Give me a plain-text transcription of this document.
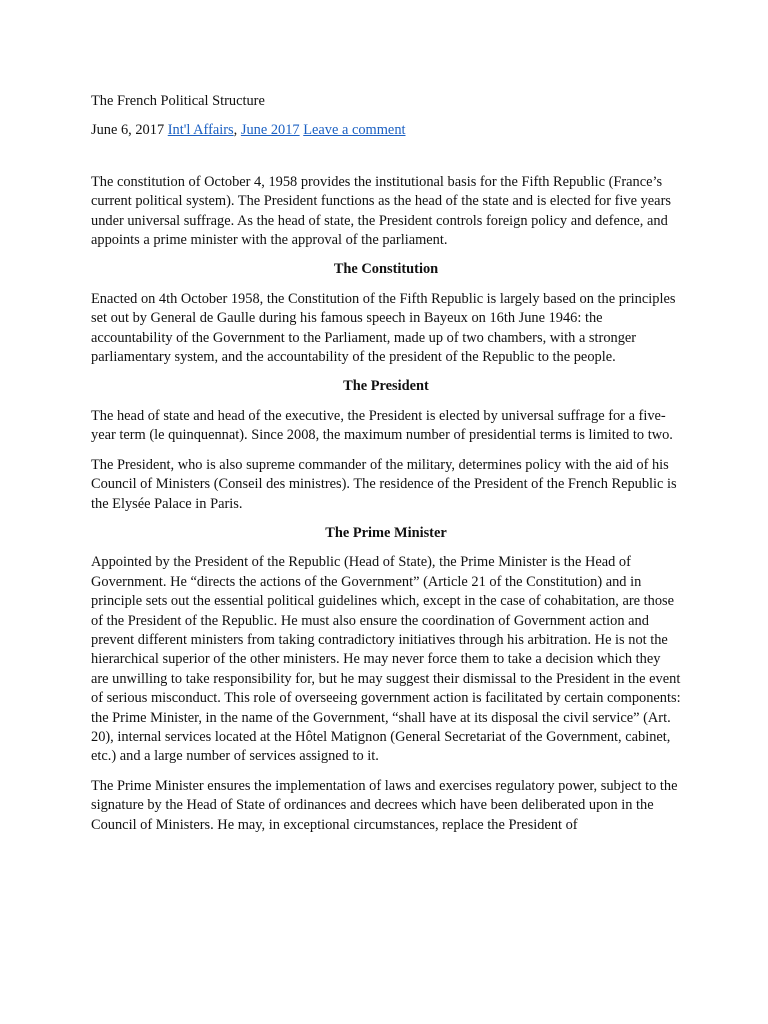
The French Political Structure
June 6, 2017 Int'l Affairs, June 2017 Leave a comment

The constitution of October 4, 1958 provides the institutional basis for the Fifth Republic (France’s current political system). The President functions as the head of the state and is elected for five years under universal suffrage. As the head of state, the President controls foreign policy and defence, and appoints a prime minister with the approval of the parliament.

The Constitution

Enacted on 4th October 1958, the Constitution of the Fifth Republic is largely based on the principles set out by General de Gaulle during his famous speech in Bayeux on 16th June 1946: the accountability of the Government to the Parliament, made up of two chambers, with a stronger parliamentary system, and the accountability of the president of the Republic to the people.

The President

The head of state and head of the executive, the President is elected by universal suffrage for a five-year term (le quinquennat). Since 2008, the maximum number of presidential terms is limited to two.

The President, who is also supreme commander of the military, determines policy with the aid of his Council of Ministers (Conseil des ministres). The residence of the President of the French Republic is the Elysée Palace in Paris.

The Prime Minister

Appointed by the President of the Republic (Head of State), the Prime Minister is the Head of Government. He “directs the actions of the Government” (Article 21 of the Constitution) and in principle sets out the essential political guidelines which, except in the case of cohabitation, are those of the President of the Republic. He must also ensure the coordination of Government action and prevent different ministers from taking contradictory initiatives through his arbitration. He is not the hierarchical superior of the other ministers. He may never force them to take a decision which they are unwilling to take responsibility for, but he may suggest their dismissal to the President in the event of serious misconduct. This role of overseeing government action is facilitated by certain components: the Prime Minister, in the name of the Government, “shall have at its disposal the civil service” (Art. 20), internal services located at the Hôtel Matignon (General Secretariat of the Government, cabinet, etc.) and a large number of services assigned to it.

The Prime Minister ensures the implementation of laws and exercises regulatory power, subject to the signature by the Head of State of ordinances and decrees which have been deliberated upon in the Council of Ministers. He may, in exceptional circumstances, replace the President of
